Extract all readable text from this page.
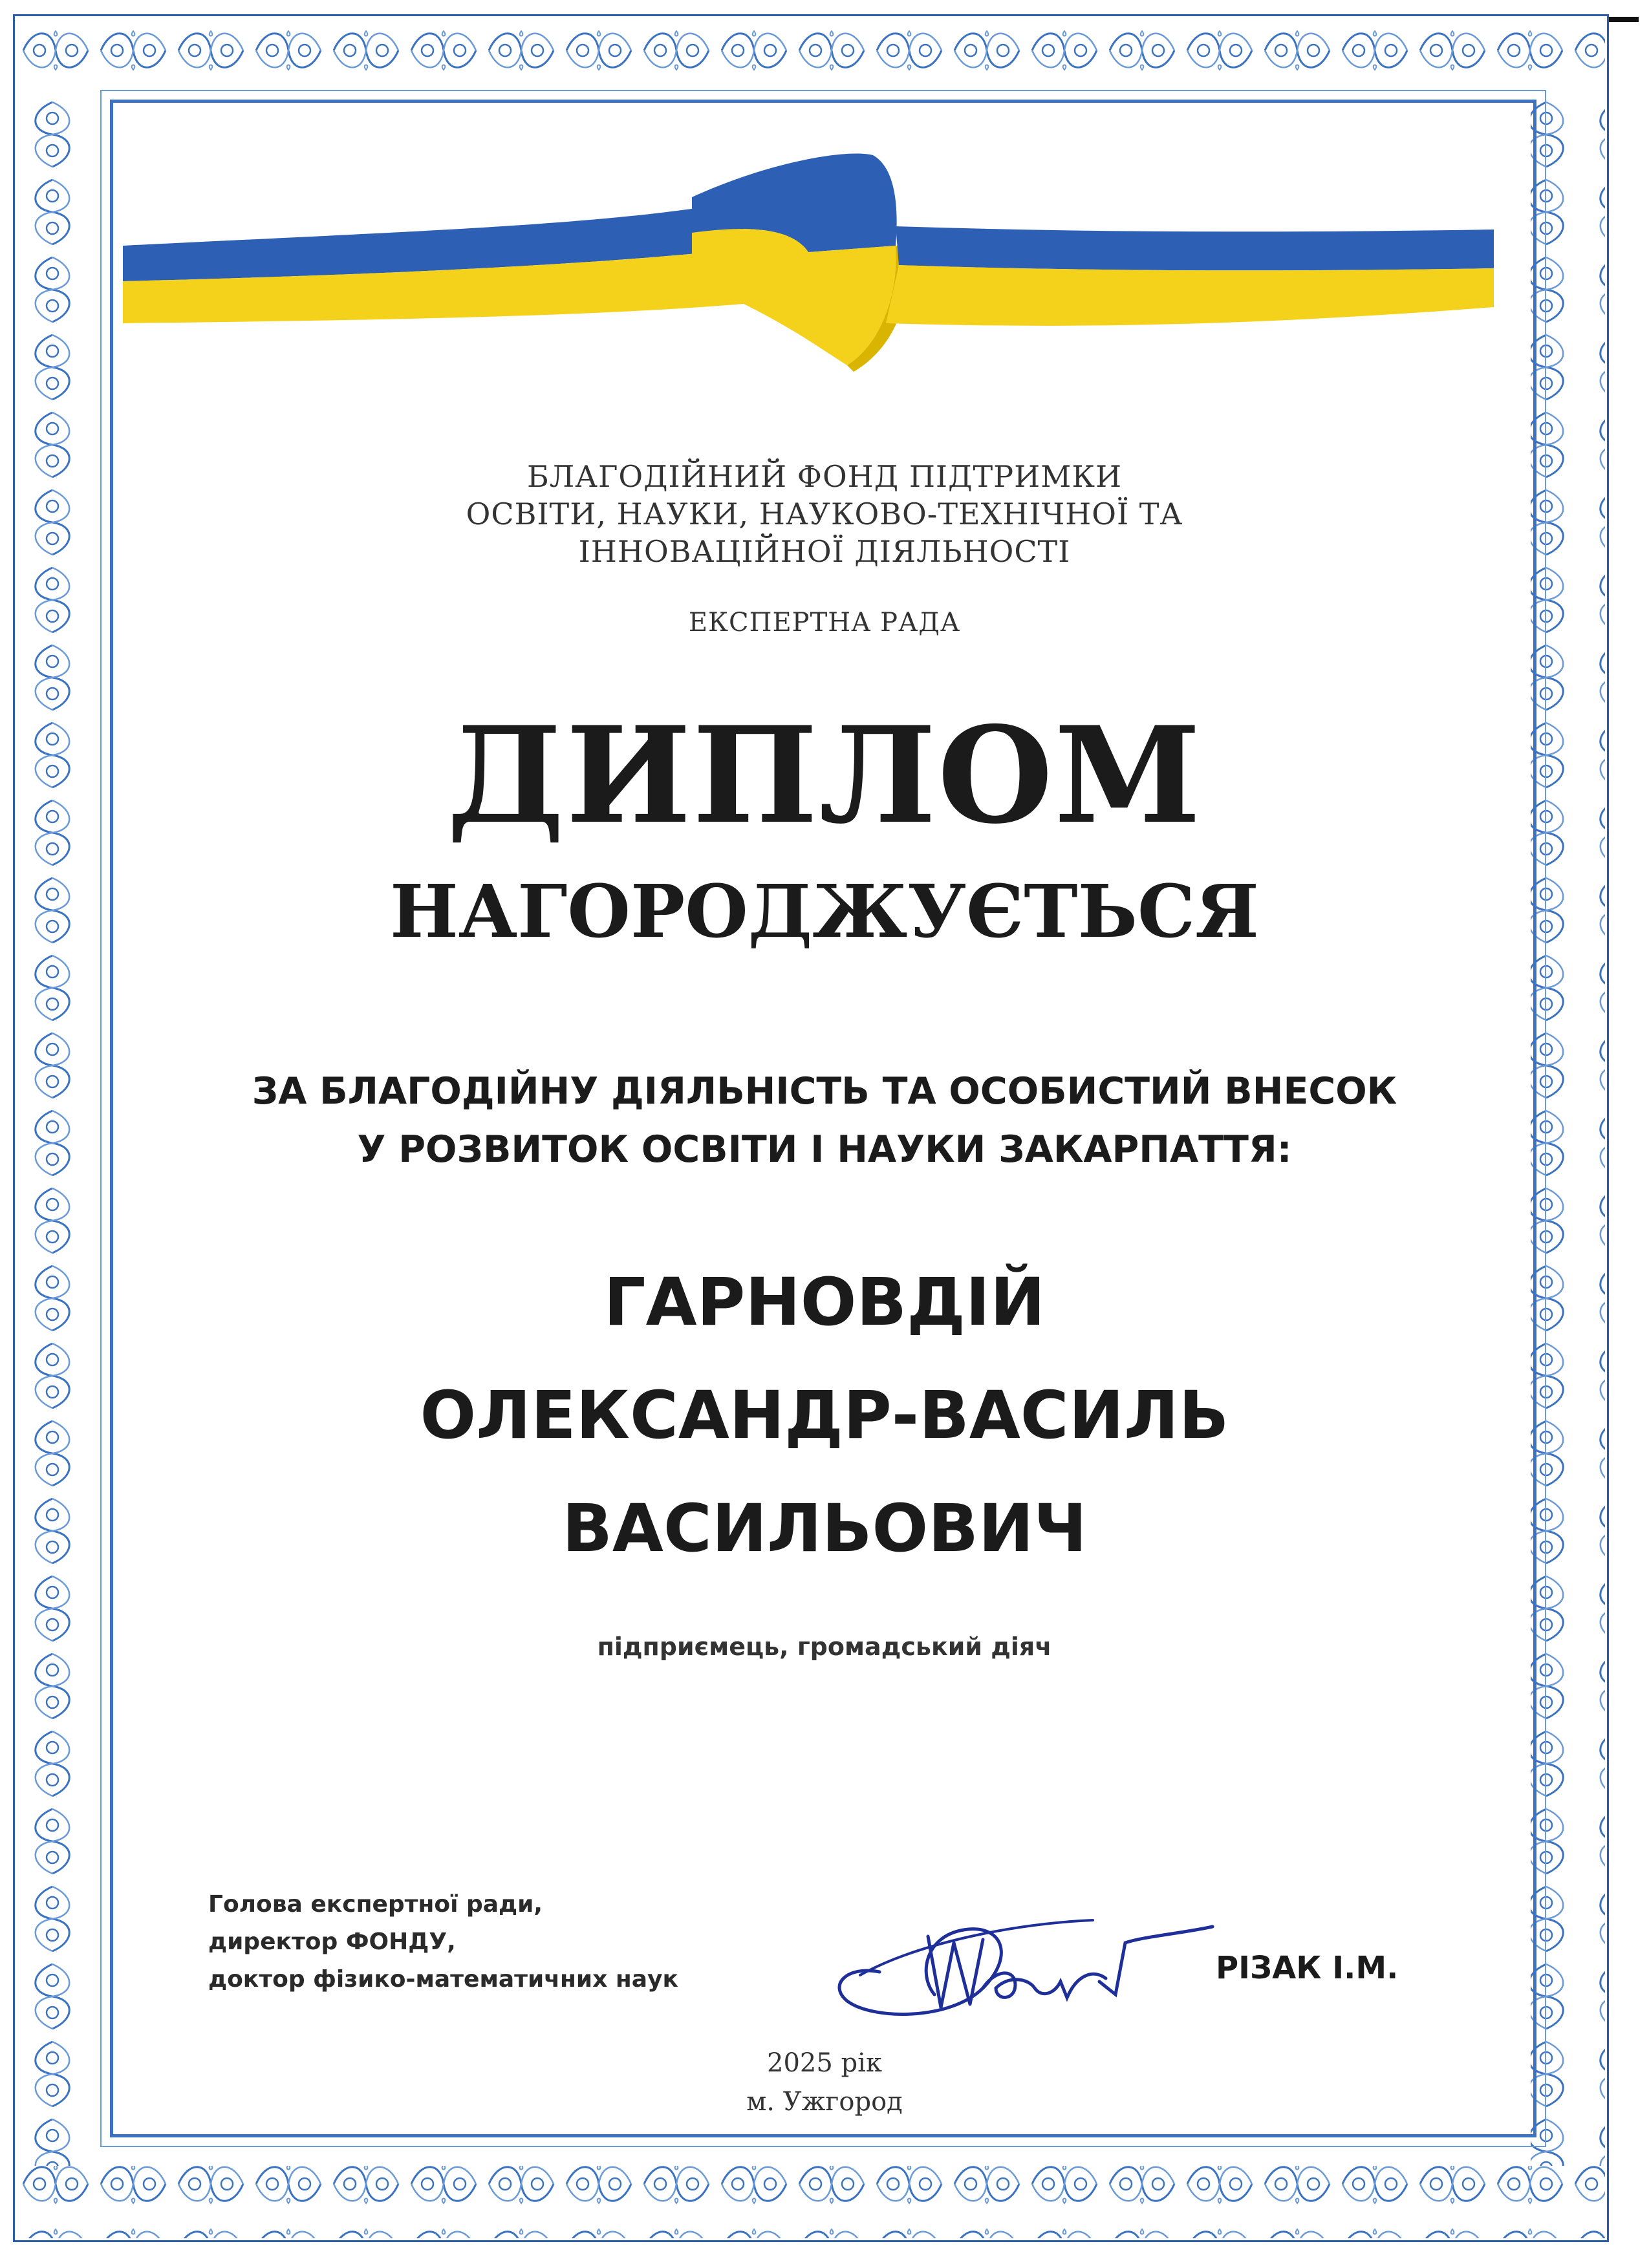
БЛАГОДІЙНИЙ ФОНД ПІДТРИМКИ
ОСВІТИ, НАУКИ, НАУКОВО-ТЕХНІЧНОЇ ТА
ІННОВАЦІЙНОЇ ДІЯЛЬНОСТІ
ЕКСПЕРТНА РАДА
ДИПЛОМ
НАГОРОДЖУЄТЬСЯ
ЗА БЛАГОДІЙНУ ДІЯЛЬНІСТЬ ТА ОСОБИСТИЙ ВНЕСОК
У РОЗВИТОК ОСВІТИ І НАУКИ ЗАКАРПАТТЯ:
ГАРНОВДІЙ
ОЛЕКСАНДР-ВАСИЛЬ
ВАСИЛЬОВИЧ
підприємець, громадський діяч
Голова експертної ради,
директор ФОНДУ,
доктор фізико-математичних наук	РІЗАК І.М.
2025 рік
м. Ужгород
